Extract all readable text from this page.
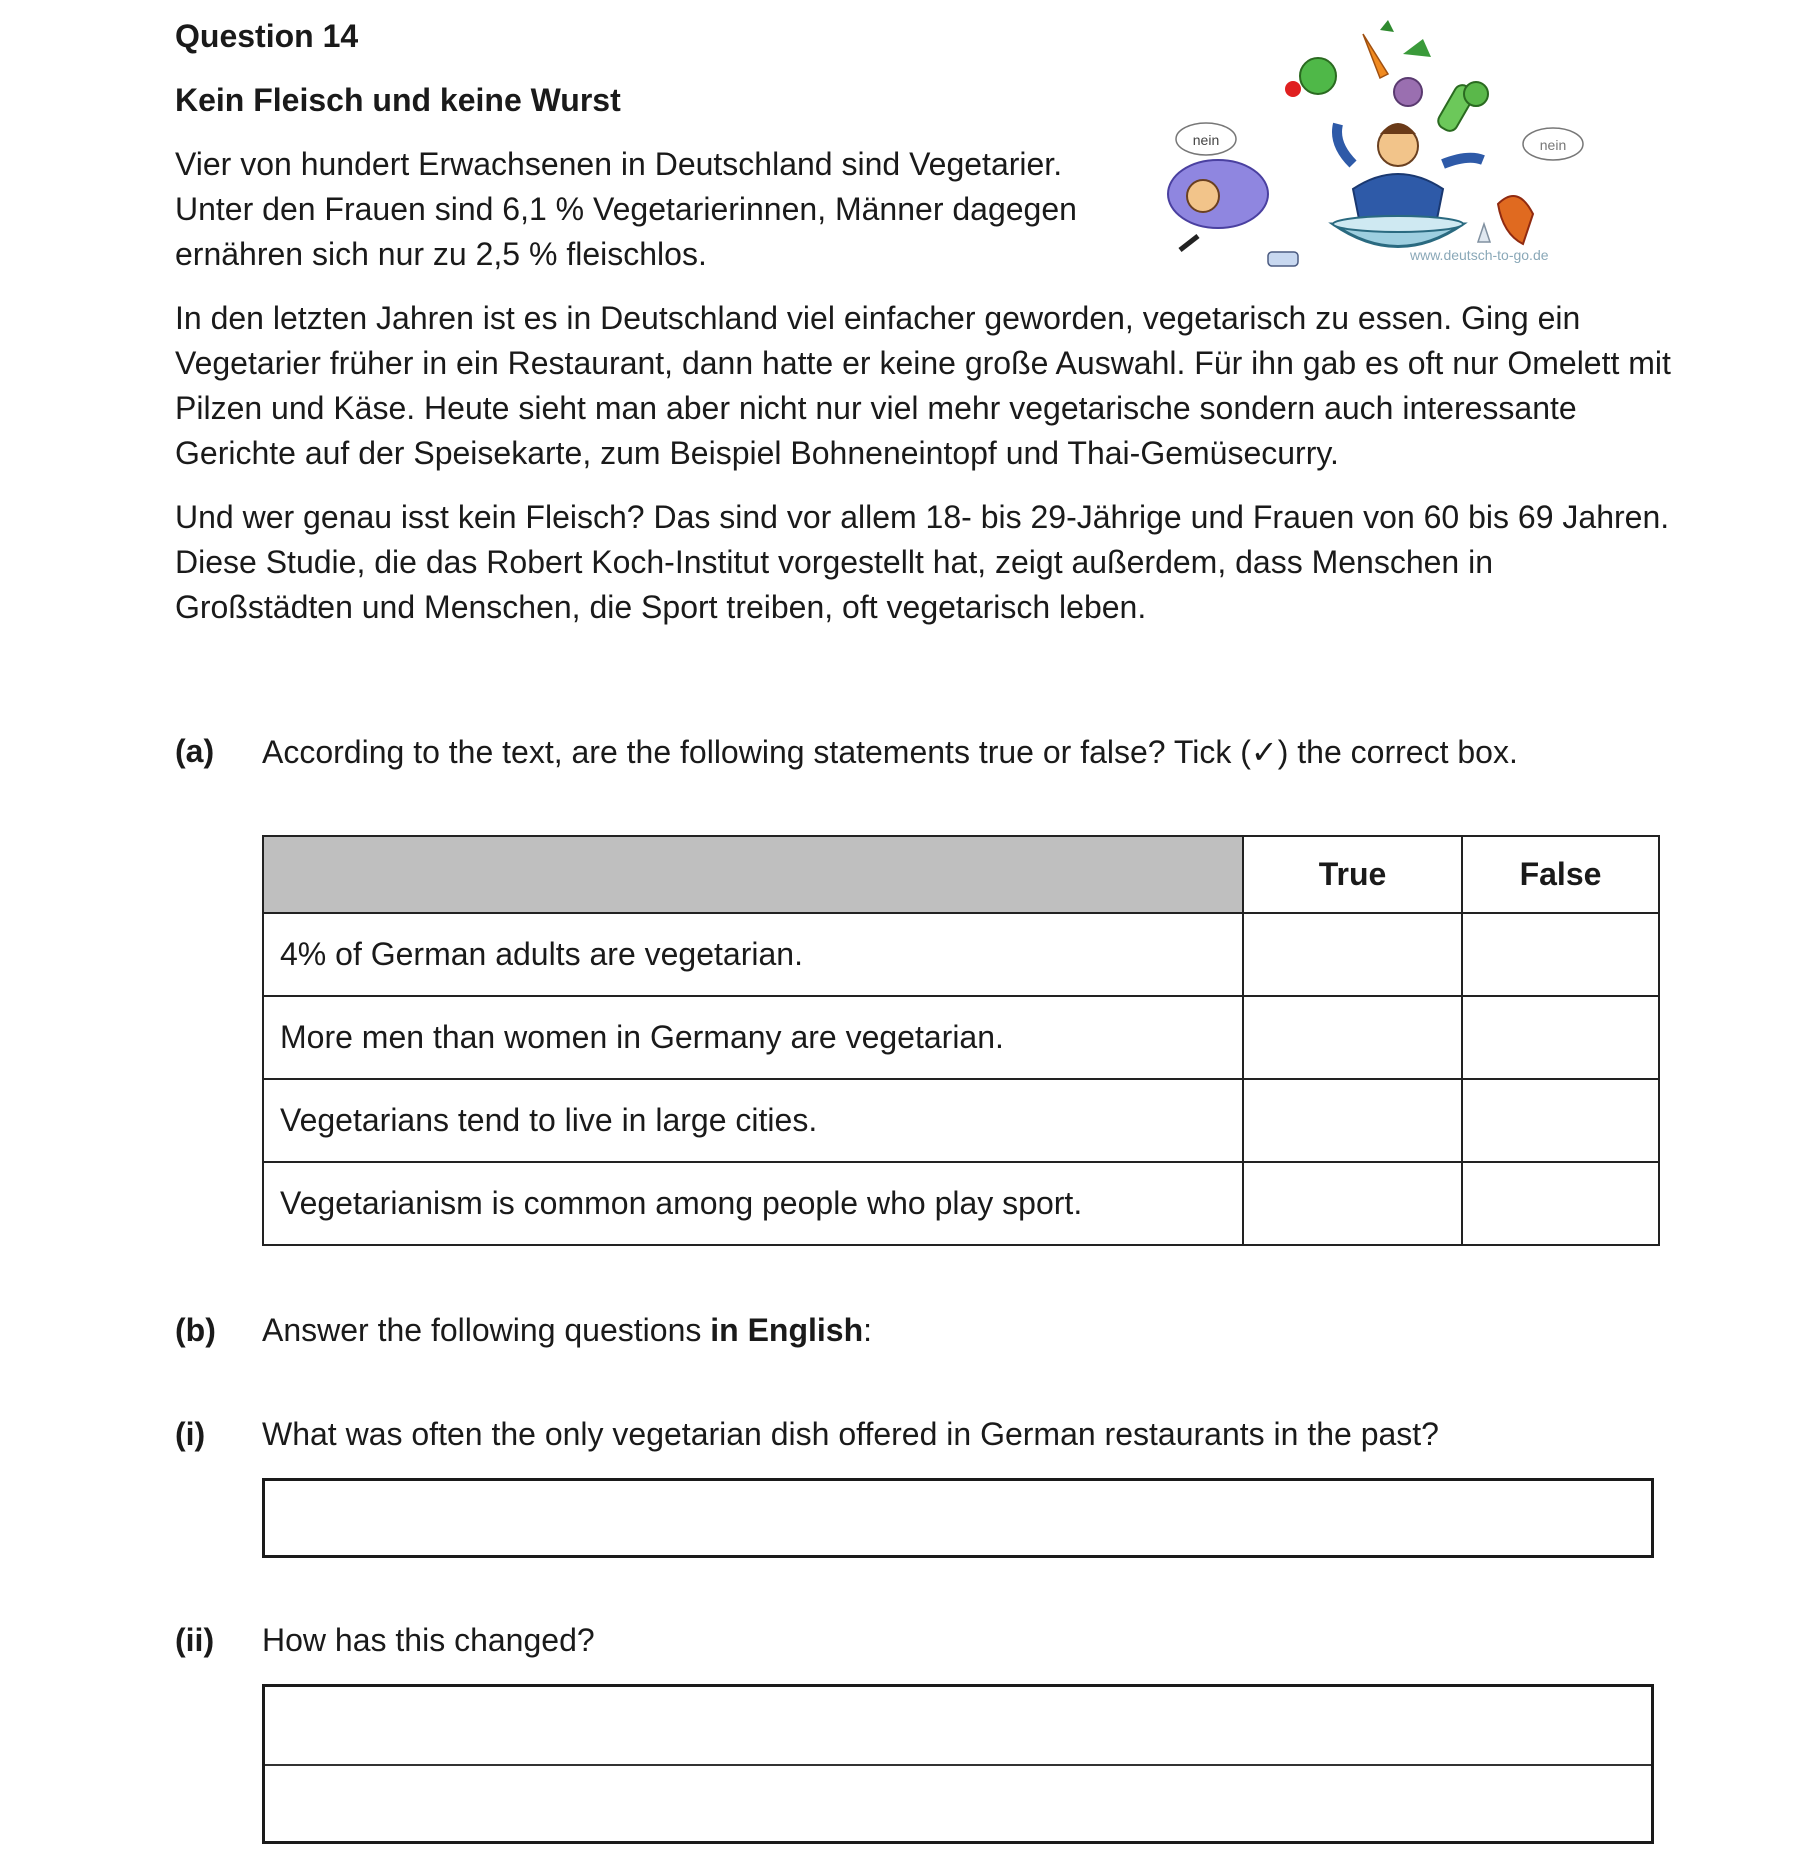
Question 14
Kein Fleisch und keine Wurst
Vier von hundert Erwachsenen in Deutschland sind Vegetarier. Unter den Frauen sind 6,1 % Vegetarierinnen, Männer dagegen ernähren sich nur zu 2,5 % fleischlos.
nein	nein
www.deutsch-to-go.de
In den letzten Jahren ist es in Deutschland viel einfacher geworden, vegetarisch zu essen. Ging ein Vegetarier früher in ein Restaurant, dann hatte er keine große Auswahl. Für ihn gab es oft nur Omelett mit Pilzen und Käse. Heute sieht man aber nicht nur viel mehr vegetarische sondern auch interessante Gerichte auf der Speisekarte, zum Beispiel Bohneneintopf und Thai-Gemüsecurry.
Und wer genau isst kein Fleisch? Das sind vor allem 18- bis 29-Jährige und Frauen von 60 bis 69 Jahren. Diese Studie, die das Robert Koch-Institut vorgestellt hat, zeigt außerdem, dass Menschen in Großstädten und Menschen, die Sport treiben, oft vegetarisch leben.
(a) According to the text, are the following statements true or false? Tick (✓) the correct box.
	True	False
4% of German adults are vegetarian.		
More men than women in Germany are vegetarian.		
Vegetarians tend to live in large cities.		
Vegetarianism is common among people who play sport.		
(b) Answer the following questions in English:
(i) What was often the only vegetarian dish offered in German restaurants in the past?
(ii) How has this changed?
